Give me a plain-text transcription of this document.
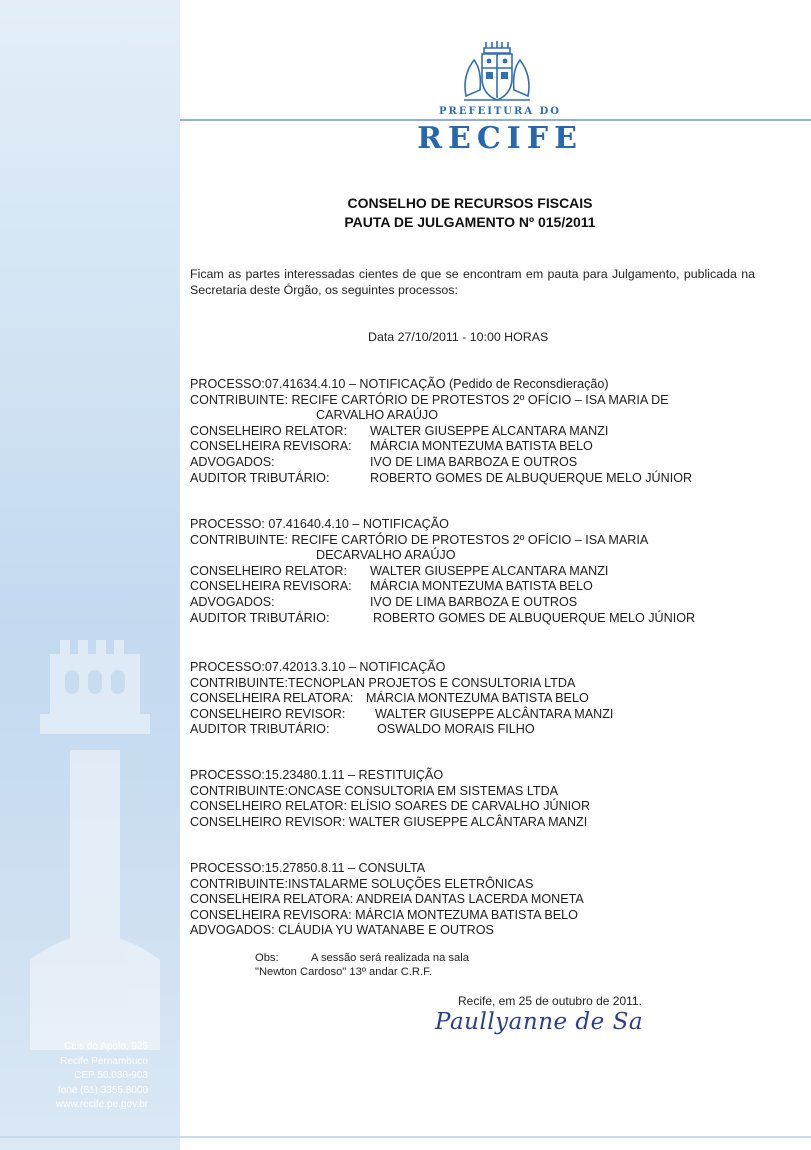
PREFEITURA DO
RECIFE
CONSELHO DE RECURSOS FISCAIS
PAUTA DE JULGAMENTO Nº 015/2011
Ficam as partes interessadas cientes de que se encontram em pauta para Julgamento, publicada na Secretaria deste Órgão, os seguintes processos:
Data 27/10/2011 - 10:00 HORAS
PROCESSO:07.41634.4.10 – NOTIFICAÇÃO (Pedido de Reconsdieração)
CONTRIBUINTE: RECIFE CARTÓRIO DE PROTESTOS 2º OFÍCIO – ISA MARIA DE
CARVALHO ARAÚJO
CONSELHEIRO RELATOR: WALTER GIUSEPPE ALCANTARA MANZI
CONSELHEIRA REVISORA: MÁRCIA MONTEZUMA BATISTA BELO
ADVOGADOS:	IVO DE LIMA BARBOZA E OUTROS
AUDITOR TRIBUTÁRIO:	ROBERTO GOMES DE ALBUQUERQUE MELO JÚNIOR
PROCESSO: 07.41640.4.10 – NOTIFICAÇÃO
CONTRIBUINTE: RECIFE CARTÓRIO DE PROTESTOS 2º OFÍCIO – ISA MARIA
DECARVALHO ARAÚJO
CONSELHEIRO RELATOR: WALTER GIUSEPPE ALCANTARA MANZI
CONSELHEIRA REVISORA: MÁRCIA MONTEZUMA BATISTA BELO
ADVOGADOS:	IVO DE LIMA BARBOZA E OUTROS
AUDITOR TRIBUTÁRIO:	ROBERTO GOMES DE ALBUQUERQUE MELO JÚNIOR
PROCESSO:07.42013.3.10 – NOTIFICAÇÃO
CONTRIBUINTE:TECNOPLAN PROJETOS E CONSULTORIA LTDA
CONSELHEIRA RELATORA: MÁRCIA MONTEZUMA BATISTA BELO
CONSELHEIRO REVISOR: WALTER GIUSEPPE ALCÂNTARA MANZI
AUDITOR TRIBUTÁRIO:	OSWALDO MORAIS FILHO
PROCESSO:15.23480.1.11 – RESTITUIÇÃO
CONTRIBUINTE:ONCASE CONSULTORIA EM SISTEMAS LTDA
CONSELHEIRO RELATOR: ELÍSIO SOARES DE CARVALHO JÚNIOR
CONSELHEIRO REVISOR: WALTER GIUSEPPE ALCÂNTARA MANZI
PROCESSO:15.27850.8.11 – CONSULTA
CONTRIBUINTE:INSTALARME SOLUÇÕES ELETRÔNICAS
CONSELHEIRA RELATORA: ANDREIA DANTAS LACERDA MONETA
CONSELHEIRA REVISORA: MÁRCIA MONTEZUMA BATISTA BELO
ADVOGADOS: CLÁUDIA YU WATANABE E OUTROS
Obs:	A sessão será realizada na sala
"Newton Cardoso" 13º andar C.R.F.
Recife, em 25 de outubro de 2011.
Paullyanne de Sa
Cais do Apolo, 925
Recife Pernambuco
CEP 50.030-903
fone (81) 3355.8000
www.recife.pe.gov.br
